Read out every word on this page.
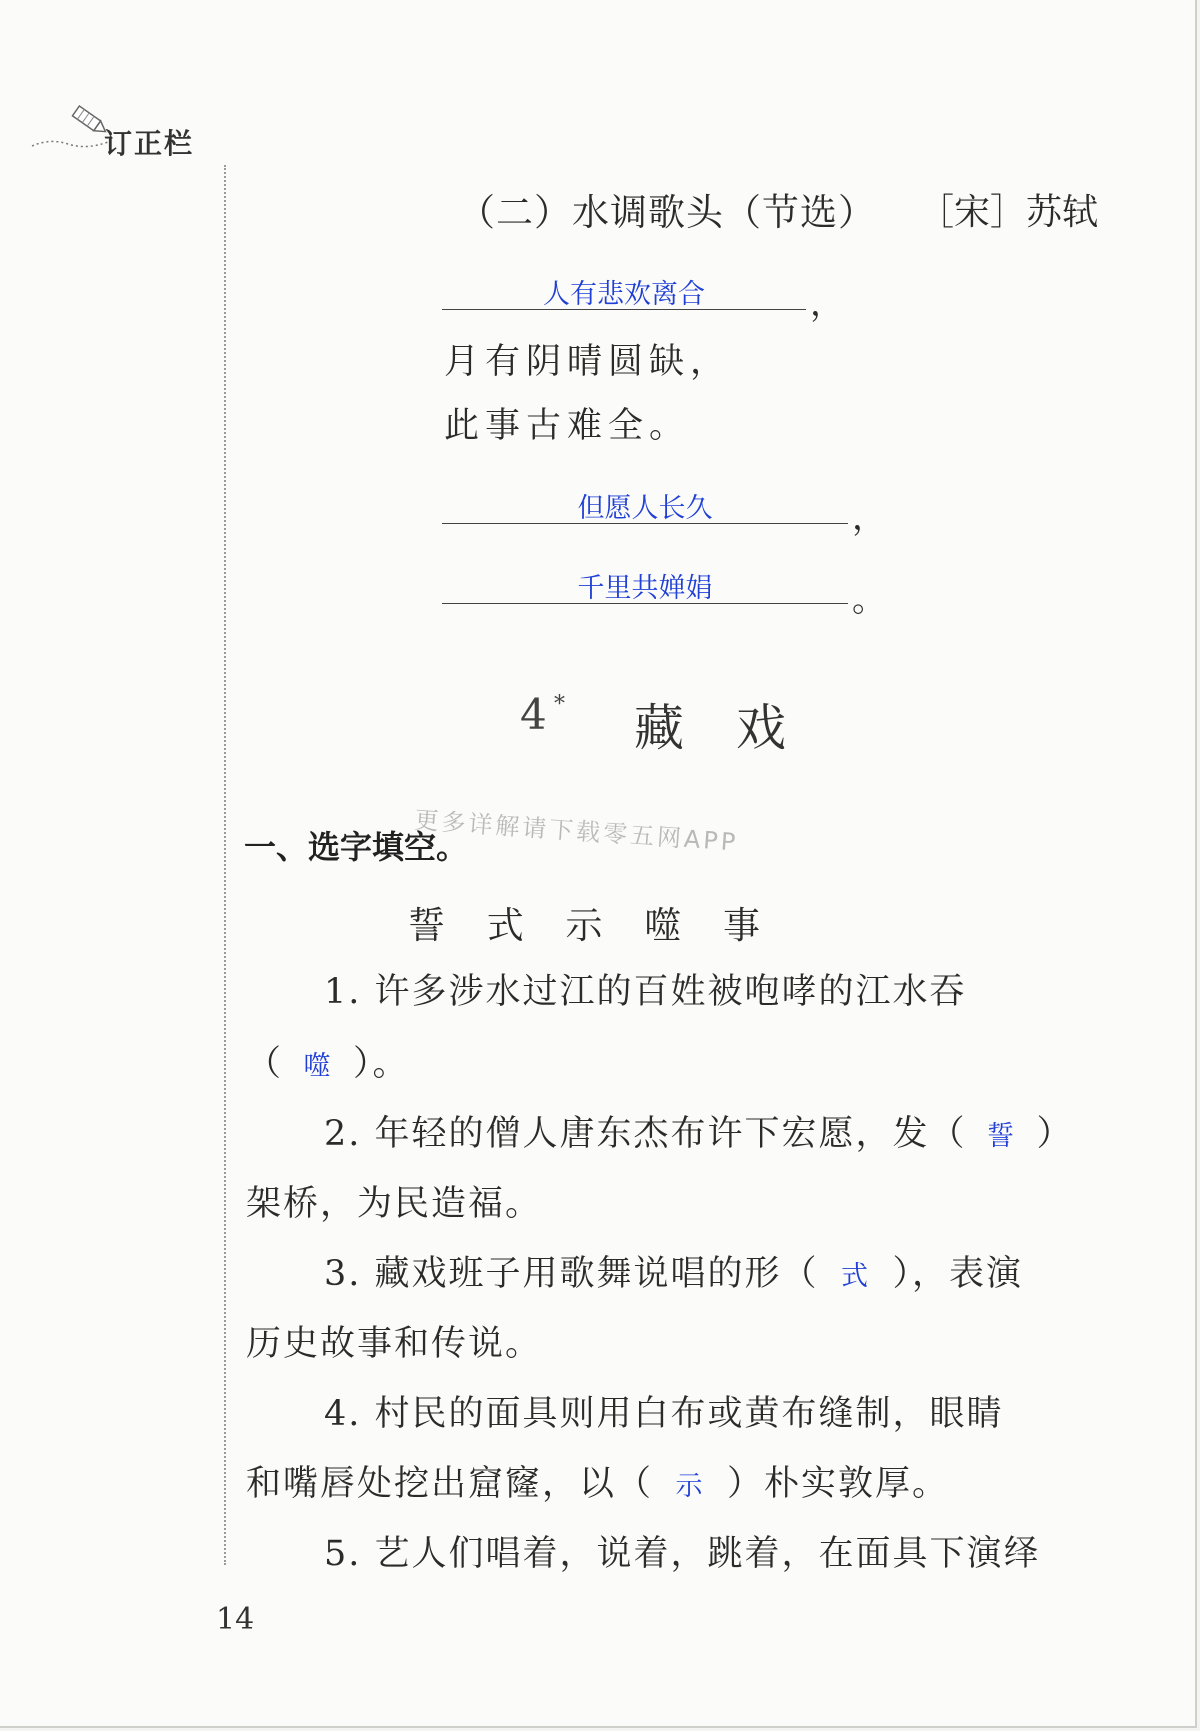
订正栏
（二）水调歌头（节选） ［宋］苏轼
人有悲欢离合	，
月有阴晴圆缺，
此事古难全。
但愿人长久	，
千里共婵娟	。
4 * 藏戏
更多详解请下载零五网APP
一、选字填空。
誓 式 示 噬 事
1. 许多涉水过江的百姓被咆哮的江水吞
（ 噬 ）。
2. 年轻的僧人唐东杰布许下宏愿，发（ 誓 ）
架桥，为民造福。
3. 藏戏班子用歌舞说唱的形（ 式 ），表演
历史故事和传说。
4. 村民的面具则用白布或黄布缝制，眼睛
和嘴唇处挖出窟窿，以（ 示 ）朴实敦厚。
5. 艺人们唱着，说着，跳着，在面具下演绎
14
